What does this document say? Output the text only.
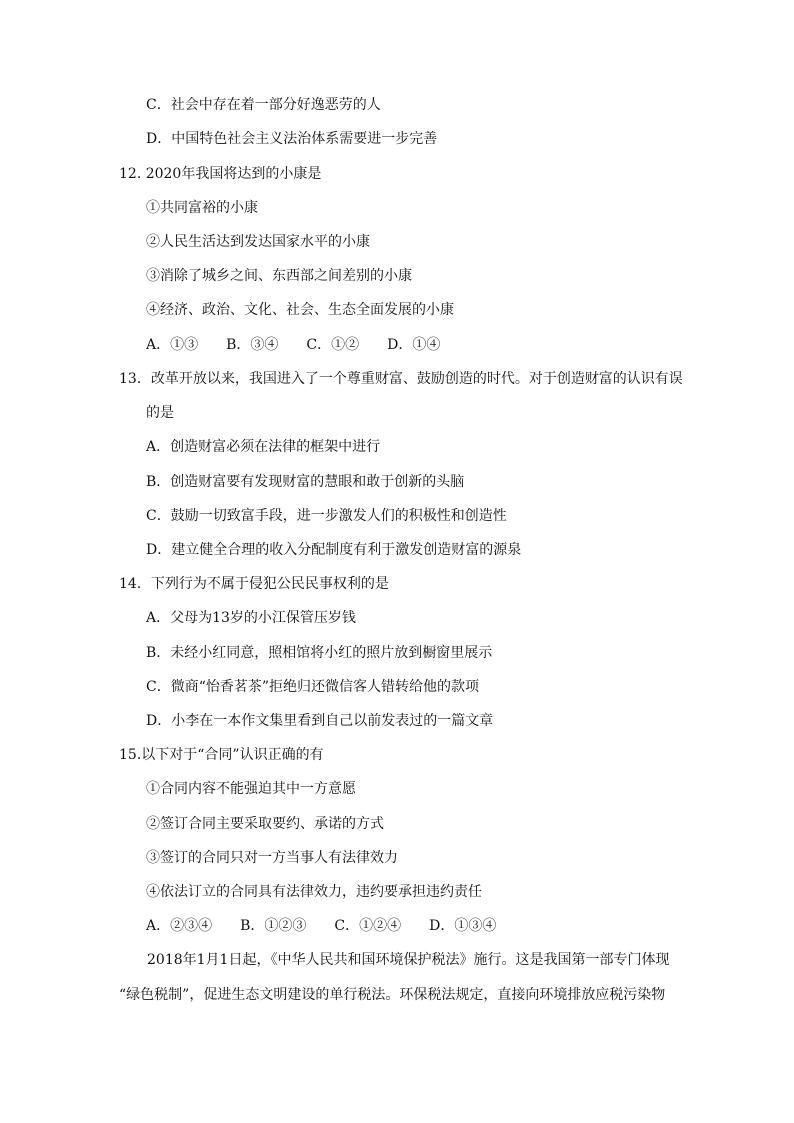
C．社会中存在着一部分好逸恶劳的人
D．中国特色社会主义法治体系需要进一步完善
12. 2020年我国将达到的小康是
①共同富裕的小康
②人民生活达到发达国家水平的小康
③消除了城乡之间、东西部之间差别的小康
④经济、政治、文化、社会、生态全面发展的小康
A．①③　　B．③④　　C．①②　　D．①④
13．改革开放以来，我国进入了一个尊重财富、鼓励创造的时代。对于创造财富的认识有误
的是
A．创造财富必须在法律的框架中进行
B．创造财富要有发现财富的慧眼和敢于创新的头脑
C．鼓励一切致富手段，进一步激发人们的积极性和创造性
D．建立健全合理的收入分配制度有利于激发创造财富的源泉
14．下列行为不属于侵犯公民民事权利的是
A．父母为13岁的小江保管压岁钱
B．未经小红同意，照相馆将小红的照片放到橱窗里展示
C．微商“怡香茗茶”拒绝归还微信客人错转给他的款项
D．小李在一本作文集里看到自己以前发表过的一篇文章
15.以下对于“合同”认识正确的有
①合同内容不能强迫其中一方意愿
②签订合同主要采取要约、承诺的方式
③签订的合同只对一方当事人有法律效力
④依法订立的合同具有法律效力，违约要承担违约责任
A．②③④　　B．①②③　　C．①②④　　D．①③④
　　2018年1月1日起，《中华人民共和国环境保护税法》施行。这是我国第一部专门体现
“绿色税制”，促进生态文明建设的单行税法。环保税法规定，直接向环境排放应税污染物
